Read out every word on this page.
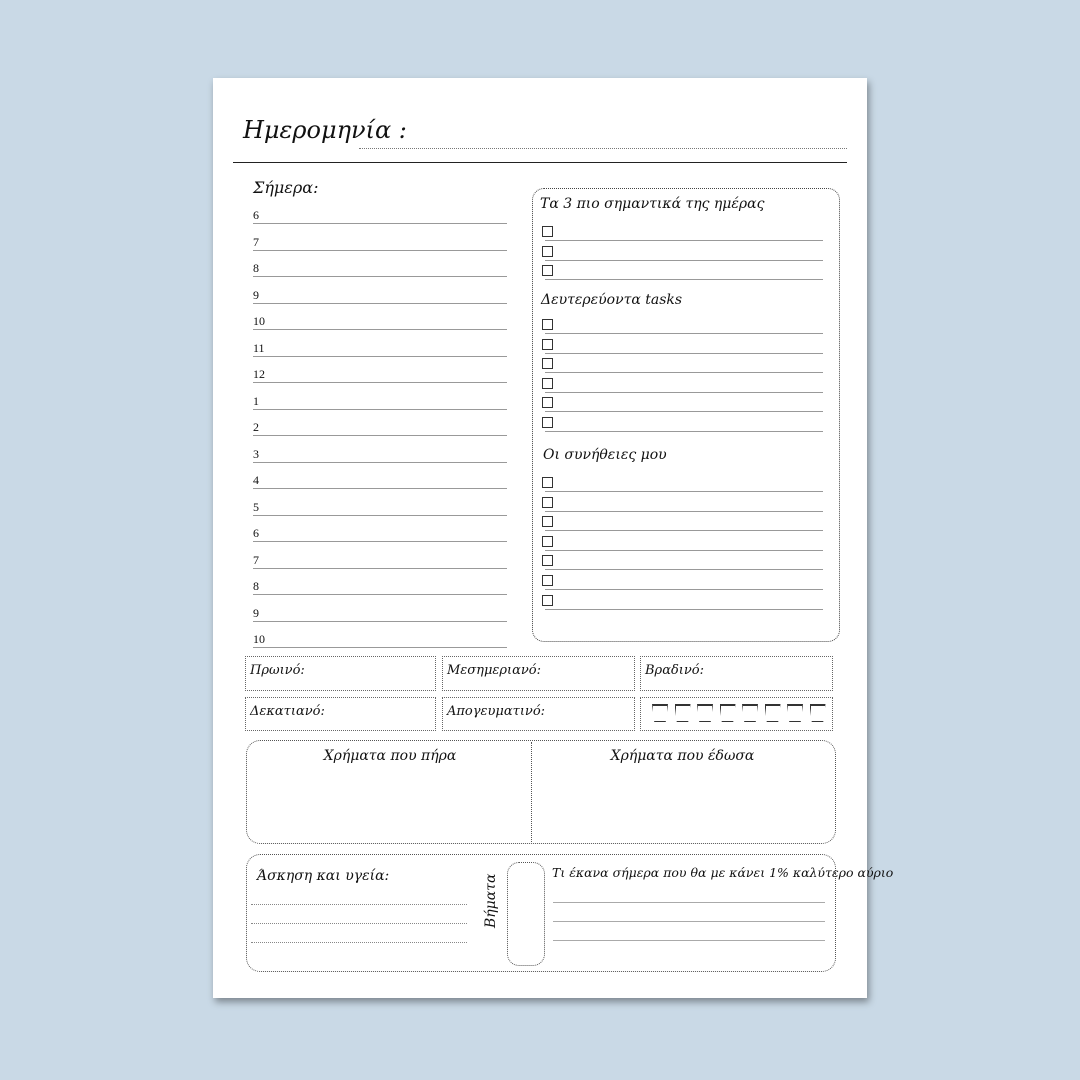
Ημερομηνία :
Σήμερα:
6
7
8
9
10
11
12
1
2
3
4
5
6
7
8
9
10
Τα 3 πιο σημαντικά της ημέρας
Δευτερεύοντα tasks
Οι συνήθειες μου
Πρωινό:	Μεσημεριανό:	Βραδινό:
Δεκατιανό:	Απογευματινό:
Χρήματα που πήρα	Χρήματα που έδωσα
Άσκηση και υγεία:	Βήματα
Τι έκανα σήμερα που θα με κάνει 1% καλύτερο αύριο
